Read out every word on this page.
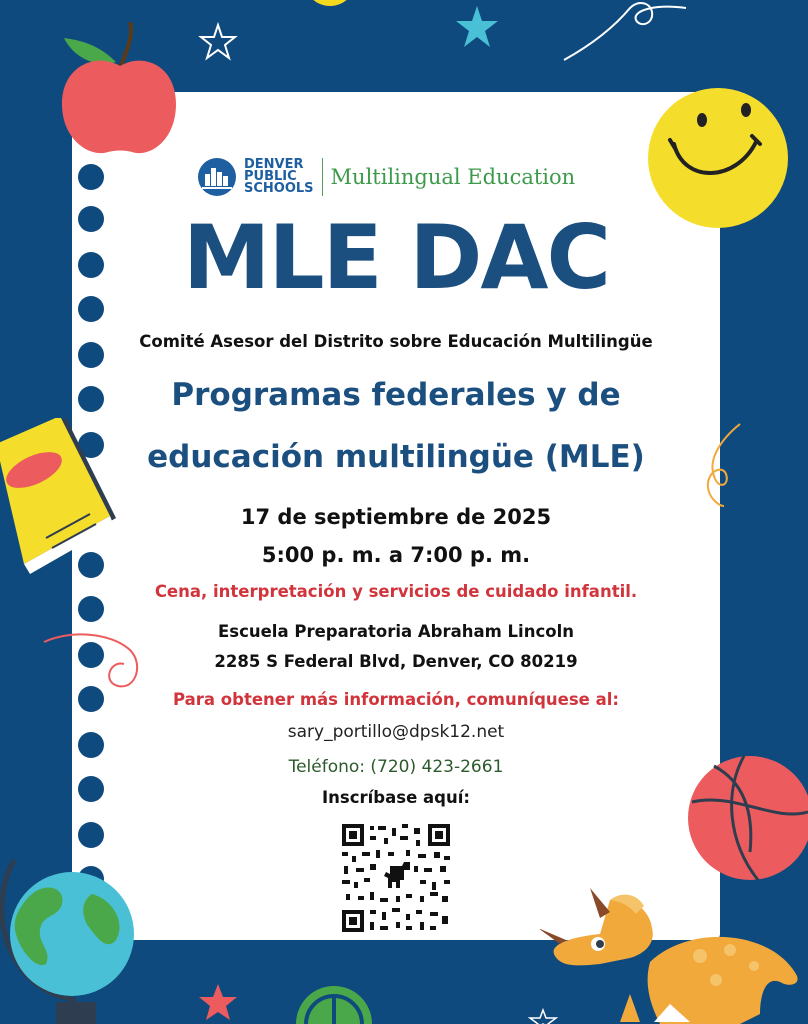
DENVER
PUBLIC
SCHOOLS Multilingual Education
MLE DAC
Comité Asesor del Distrito sobre Educación Multilingüe
Programas federales y de
educación multilingüe (MLE)
17 de septiembre de 2025
5:00 p. m. a 7:00 p. m.
Cena, interpretación y servicios de cuidado infantil.
Escuela Preparatoria Abraham Lincoln
2285 S Federal Blvd, Denver, CO 80219
Para obtener más información, comuníquese al:
sary_portillo@dpsk12.net
Teléfono: (720) 423-2661
Inscríbase aquí:
